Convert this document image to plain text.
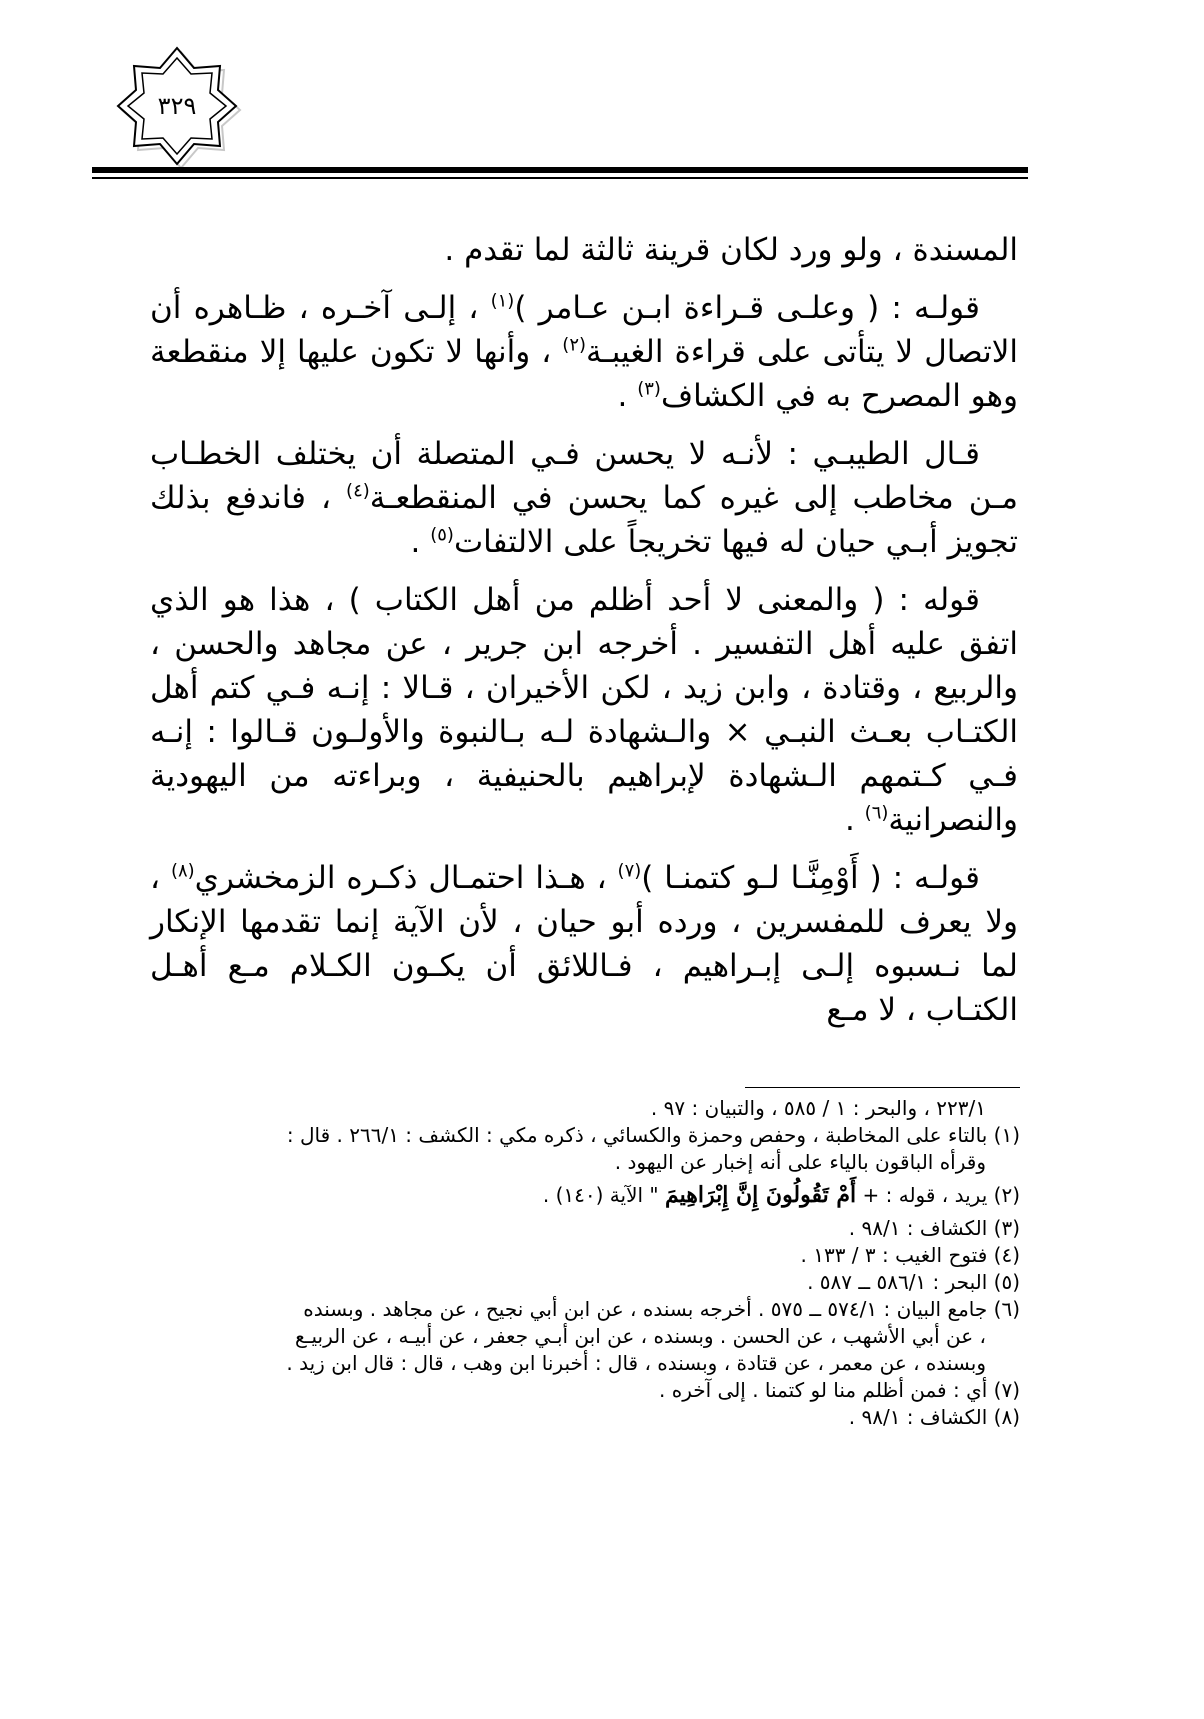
٣٢٩

المسندة ، ولو ورد لكان قرينة ثالثة لما تقدم .

قولـه : ( وعلـى قـراءة ابـن عـامر )$^{(١)}$ ، إلـى آخـره ، ظـاهره أن الاتصال لا يتأتى على قراءة الغيبـة$^{(٢)}$ ، وأنها لا تكون عليها إلا منقطعة وهو المصرح به في الكشاف$^{(٣)}$ .

قـال الطيبـي : لأنـه لا يحسن فـي المتصلة أن يختلف الخطـاب مـن مخاطب إلى غيره كما يحسن في المنقطعـة$^{(٤)}$ ، فاندفع بذلك تجويز أبـي حيان له فيها تخريجاً على الالتفات$^{(٥)}$ .

قوله : ( والمعنى لا أحد أظلم من أهل الكتاب ) ، هذا هو الذي اتفق عليه أهل التفسير . أخرجه ابن جرير ، عن مجاهد والحسن ، والربيع ، وقتادة ، وابن زيد ، لكن الأخيران ، قـالا : إنـه فـي كتم أهل الكتـاب بعـث النبـي × والـشهادة لـه بـالنبوة والأولـون قـالوا : إنـه فـي كـتمهم الـشهادة لإبراهيم بالحنيفية ، وبراءته من اليهودية والنصرانية$^{(٦)}$ .

قولـه : ( أَوْمِنَّـا لـو كتمنـا )$^{(٧)}$ ، هـذا احتمـال ذكـره الزمخشري$^{(٨)}$ ، ولا يعرف للمفسرين ، ورده أبو حيان ، لأن الآية إنما تقدمها الإنكار لما نـسبوه إلـى إبـراهيم ، فـاللائق أن يكـون الكـلام مـع أهـل الكتـاب ، لا مـع

٢٢٣/١ ، والبحر : ١ / ٥٨٥ ، والتبيان : ٩٧ .

(١) بالتاء على المخاطبة ، وحفص وحمزة والكسائي ، ذكره مكي : الكشف : ٢٦٦/١ . قال :

وقرأه الباقون بالياء على أنه إخبار عن اليهود .

(٢) يريد ، قوله : + أَمْ تَقُولُونَ إِنَّ إِبْرَاهِيمَ " الآية (١٤٠) .

(٣) الكشاف : ٩٨/١ .

(٤) فتوح الغيب : ٣ / ١٣٣ .

(٥) البحر : ٥٨٦/١ ــ ٥٨٧ .

(٦) جامع البيان : ٥٧٤/١ ــ ٥٧٥ . أخرجه بسنده ، عن ابن أبي نجيح ، عن مجاهد . وبسنده

، عن أبي الأشهب ، عن الحسن . وبسنده ، عن ابن أبـي جعفر ، عن أبيـه ، عن الربيـع

وبسنده ، عن معمر ، عن قتادة ، وبسنده ، قال : أخبرنا ابن وهب ، قال : قال ابن زيد .

(٧) أي : فمن أظلم منا لو كتمنا . إلى آخره .

(٨) الكشاف : ٩٨/١ .
